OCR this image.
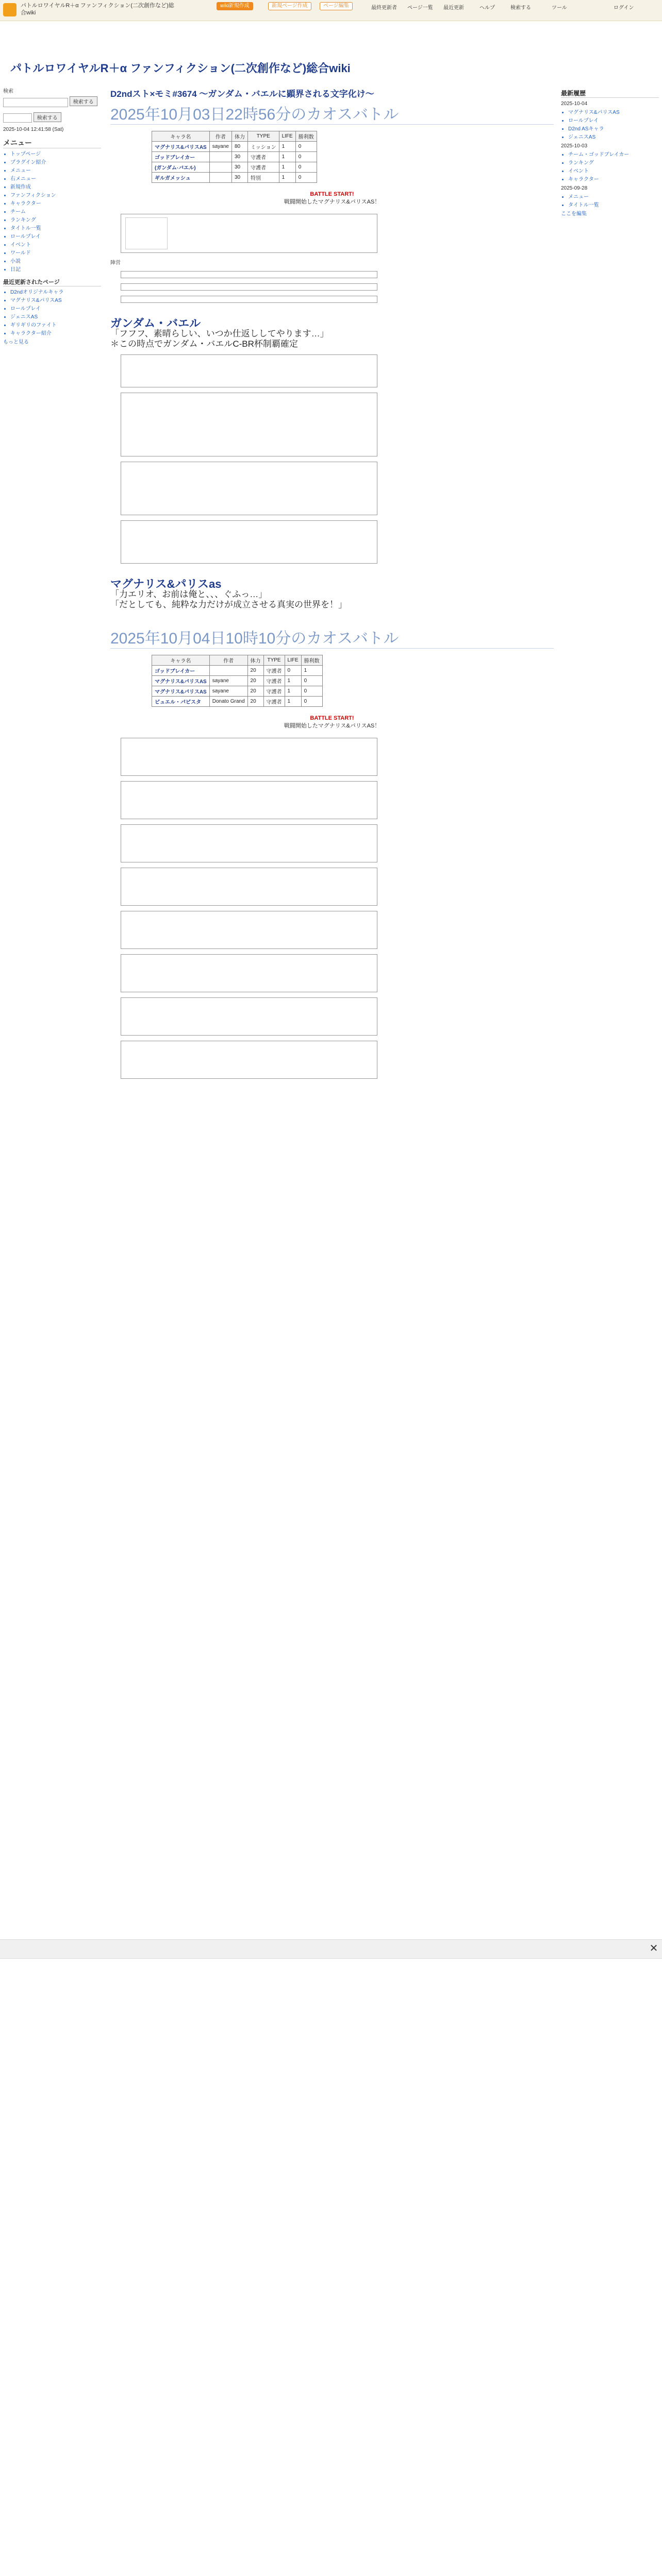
パトルロワイヤルR＋α ファンフィクション(二次創作など)総合wiki
wiki新規作成	新規ページ作成	ページ編集	最終更新者 ページ一覧 最近更新	ヘルプ	検索する	ツール	ログイン
パトルロワイヤルR＋α ファンフィクション(二次創作など)総合wiki
検索
検索する
検索する
2025-10-04 12:41:58 (Sat)
メニュー
• トップページ
• プラグイン紹介
• メニュー
• 右メニュー
• 新規作成
• ファンフィクション
• キャラクター
• チーム
• ランキング
• タイトル一覧
• ロールプレイ
• イベント
• ワールド
• 小説
• 日記
最近更新されたページ
• D2ndオリジナルキャラ
• マグナリス&パリスAS
• ロールプレイ
• ジェニスAS
• ギリギリのファイト
• キャラクター紹介
もっと見る
最新履歴
2025-10-04
• マグナリス&パリスAS
• ロールプレイ
• D2nd ASキャラ
• ジェニスAS
2025-10-03
• チーム・ゴッドブレイカー
• ランキング
• イベント
• キャラクター
2025-09-28
• メニュー
• タイトル一覧
ここを編集
D2ndスト×モミ#3674 ～ガンダム・バエルに顕界される文字化け～
2025年10月03日22時56分のカオスバトル
キャラ名	作者	体力	TYPE	LIFE	勝利数
マグナリス&パリスAS	sayane	80	ミッション	1	0
ゴッドブレイカー		30	守護者	1	0
(ガンダム·バエル)		30	守護者	1	0
ギルガメッシュ		30	特別	1	0
BATTLE START!
戦闘開始したマグナリス&パリスAS！
陣営
ガンダム・バエル
「フフフ、素晴らしい、いつか仕返ししてやります…」
＊この時点でガンダム・バエルC-BR杯制覇確定
マグナリス&パリスas
「力エリオ、お前は俺と、、、ぐふっ…」
「だとしても、純粋な力だけが成立させる真実の世界を！」
2025年10月04日10時10分のカオスバトル
キャラ名	作者	体力	TYPE	LIFE	勝利数
ゴッドブレイカー		20	守護者	0	1
マグナリス&パリスAS	sayane	20	守護者	1	0
マグナリス&パリスAS	sayane	20	守護者	1	0
ビュエル・パピスタ	Donato Grand	20	守護者	1	0
BATTLE START!
戦闘開始したマグナリス&パリスAS！
✕
